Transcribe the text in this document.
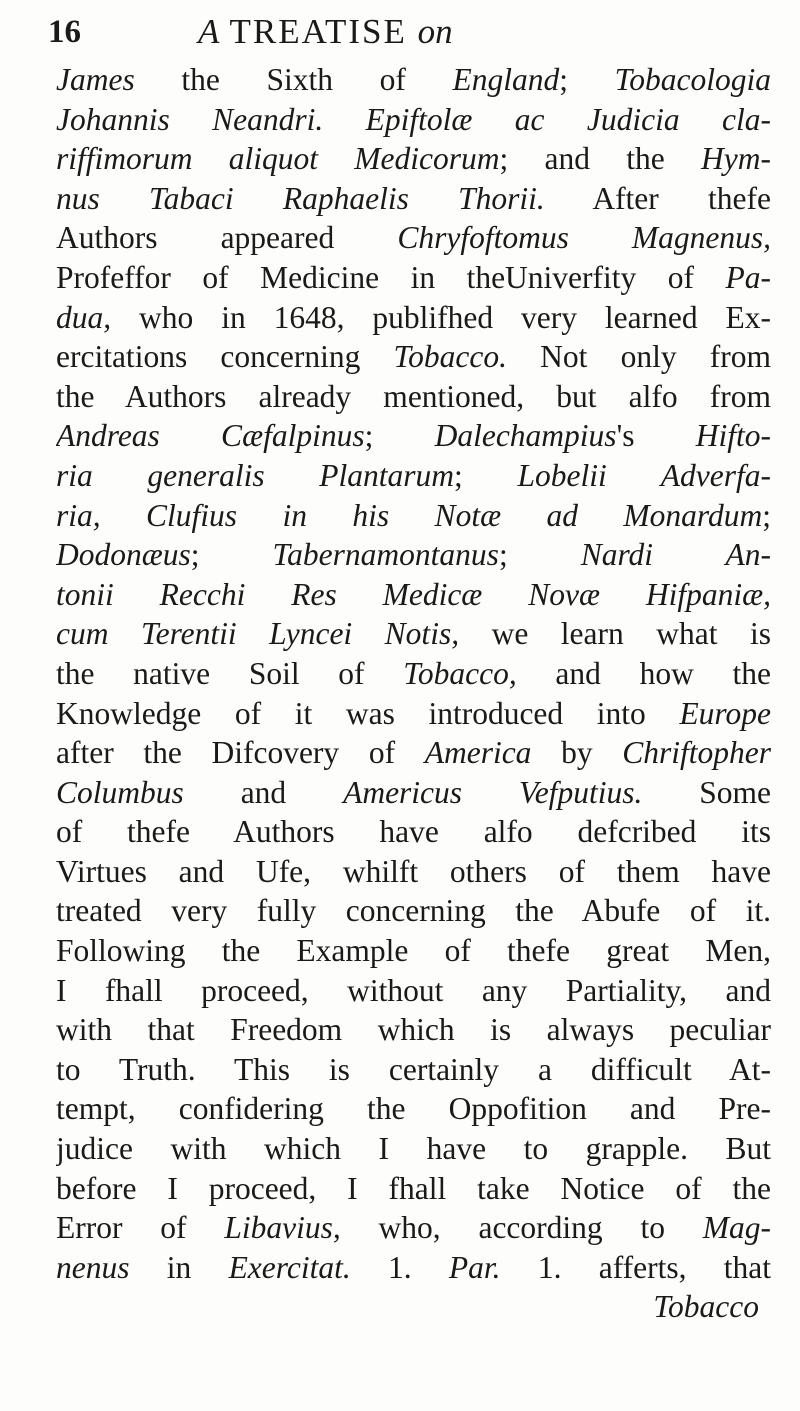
16	A TREATISE on
James the Sixth of England; Tobacologia
Johannis Neandri. Epiftolæ ac Judicia cla-
riffimorum aliquot Medicorum; and the Hym-
nus Tabaci Raphaelis Thorii. After thefe
Authors appeared Chryfoftomus Magnenus,
Profeffor of Medicine in theUniverfity of Pa-
dua, who in 1648, publifhed very learned Ex-
ercitations concerning Tobacco. Not only from
the Authors already mentioned, but alfo from
Andreas Cæfalpinus; Dalechampius's Hifto-
ria generalis Plantarum; Lobelii Adverfa-
ria, Clufius in his Notæ ad Monardum;
Dodonæus; Tabernamontanus; Nardi An-
tonii Recchi Res Medicæ Novæ Hifpaniæ,
cum Terentii Lyncei Notis, we learn what is
the native Soil of Tobacco, and how the
Knowledge of it was introduced into Europe
after the Difcovery of America by Chriftopher
Columbus and Americus Vefputius. Some
of thefe Authors have alfo defcribed its
Virtues and Ufe, whilft others of them have
treated very fully concerning the Abufe of it.
Following the Example of thefe great Men,
I fhall proceed, without any Partiality, and
with that Freedom which is always peculiar
to Truth. This is certainly a difficult At-
tempt, confidering the Oppofition and Pre-
judice with which I have to grapple. But
before I proceed, I fhall take Notice of the
Error of Libavius, who, according to Mag-
nenus in Exercitat. 1. Par. 1. afferts, that
Tobacco
